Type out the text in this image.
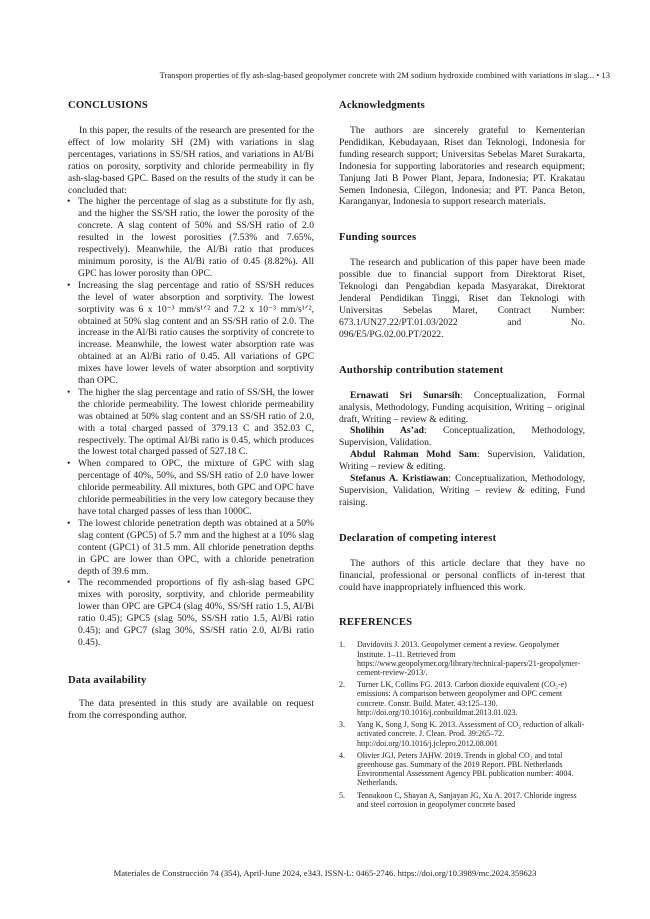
Transport properties of fly ash-slag-based geopolymer concrete with 2M sodium hydroxide combined with variations in slag... • 13
CONCLUSIONS

In this paper, the results of the research are presented for the effect of low molarity SH (2M) with variations in slag percentages, variations in SS/SH ratios, and variations in Al/Bi ratios on porosity, sorptivity and chloride permeability in fly ash-slag-based GPC. Based on the results of the study it can be concluded that:

• The higher the percentage of slag as a substitute for fly ash, and the higher the SS/SH ratio, the lower the porosity of the concrete. A slag content of 50% and SS/SH ratio of 2.0 resulted in the lowest porosities (7.53% and 7.65%, respectively). Meanwhile, the Al/Bi ratio that produces minimum porosity, is the Al/Bi ratio of 0.45 (8.82%). All GPC has lower porosity than OPC.
• Increasing the slag percentage and ratio of SS/SH reduces the level of water absorption and sorptivity. The lowest sorptivity was 6 x 10⁻³ mm/s¹ᐟ² and 7.2 x 10⁻³ mm/s¹ᐟ², obtained at 50% slag content and an SS/SH ratio of 2.0. The increase in the Al/Bi ratio causes the sorptivity of concrete to increase. Meanwhile, the lowest water absorption rate was obtained at an Al/Bi ratio of 0.45. All variations of GPC mixes have lower levels of water absorption and sorptivity than OPC.
• The higher the slag percentage and ratio of SS/SH, the lower the chloride permeability. The lowest chloride permeability was obtained at 50% slag content and an SS/SH ratio of 2.0, with a total charged passed of 379.13 C and 352.03 C, respectively. The optimal Al/Bi ratio is 0.45, which produces the lowest total charged passed of 527.18 C.
• When compared to OPC, the mixture of GPC with slag percentage of 40%, 50%, and SS/SH ratio of 2.0 have lower chloride permeability. All mixtures, both GPC and OPC have chloride permeabilities in the very low category because they have total charged passes of less than 1000C.
• The lowest chloride penetration depth was obtained at a 50% slag content (GPC5) of 5.7 mm and the highest at a 10% slag content (GPC1) of 31.5 mm. All chloride penetration depths in GPC are lower than OPC, with a chloride penetration depth of 39.6 mm.
• The recommended proportions of fly ash-slag based GPC mixes with porosity, sorptivity, and chloride permeability lower than OPC are GPC4 (slag 40%, SS/SH ratio 1.5, Al/Bi ratio 0.45); GPC5 (slag 50%, SS/SH ratio 1.5, Al/Bi ratio 0.45); and GPC7 (slag 30%, SS/SH ratio 2.0, Al/Bi ratio 0.45).
Data availability

The data presented in this study are available on request from the corresponding author.

Acknowledgments

The authors are sincerely grateful to Kementerian Pendidikan, Kebudayaan, Riset dan Teknologi, Indonesia for funding research support; Universitas Sebelas Maret Surakarta, Indonesia for supporting laboratories and research equipment; Tanjung Jati B Power Plant, Jepara, Indonesia; PT. Krakatau Semen Indonesia, Cilegon, Indonesia; and PT. Panca Beton, Karanganyar, Indonesia to support research materials.

Funding sources

The research and publication of this paper have been made possible due to financial support from Direktorat Riset, Teknologi dan Pengabdian kepada Masyarakat, Direktorat Jenderal Pendidikan Tinggi, Riset dan Teknologi with Universitas Sebelas Maret, Contract Number: 673.1/UN27.22/PT.01.03/2022 and No. 096/E5/PG.02.00.PT/2022.

Authorship contribution statement

Ernawati Sri Sunarsih: Conceptualization, Formal analysis, Methodology, Funding acquisition, Writing – original draft, Writing – review & editing.

Sholihin As’ad: Conceptualization, Methodology, Supervision, Validation.

Abdul Rahman Mohd Sam: Supervision, Validation, Writing – review & editing.

Stefanus A. Kristiawan: Conceptualization, Methodology, Supervision, Validation, Writing – review & editing, Fund raising.

Declaration of competing interest

The authors of this article declare that they have no financial, professional or personal conflicts of in-terest that could have inappropriately influenced this work.

REFERENCES
1. Davidovits J. 2013. Geopolymer cement a review. Geopolymer Institute. 1–11. Retrieved from https://www.geopolymer.org/library/technical-papers/21-geopolymer-cement-review-2013/.
2. Turner LK, Collins FG. 2013. Carbon dioxide equivalent (CO₂-e) emissions: A comparison between geopolymer and OPC cement concrete. Constr. Build. Mater. 43:125–130. http://doi.org/10.1016/j.conbuildmat.2013.01.023.
3. Yang K, Song J, Song K. 2013. Assessment of CO₂ reduction of alkali-activated concrete. J. Clean. Prod. 39:265–72. http://doi.org/10.1016/j.jclepro.2012.08.001
4. Olivier JGJ, Peters JAHW. 2019. Trends in global CO₂ and total greenhouse gas. Summary of the 2019 Report. PBL Netherlands Environmental Assessment Agency PBL publication number: 4004. Netherlands.
5. Tennakoon C, Shayan A, Sanjayan JG, Xu A. 2017. Chloride ingress and steel corrosion in geopolymer concrete based
Materiales de Construcción 74 (354), April-June 2024, e343. ISSN-L: 0465-2746. https://doi.org/10.3989/mc.2024.359623
